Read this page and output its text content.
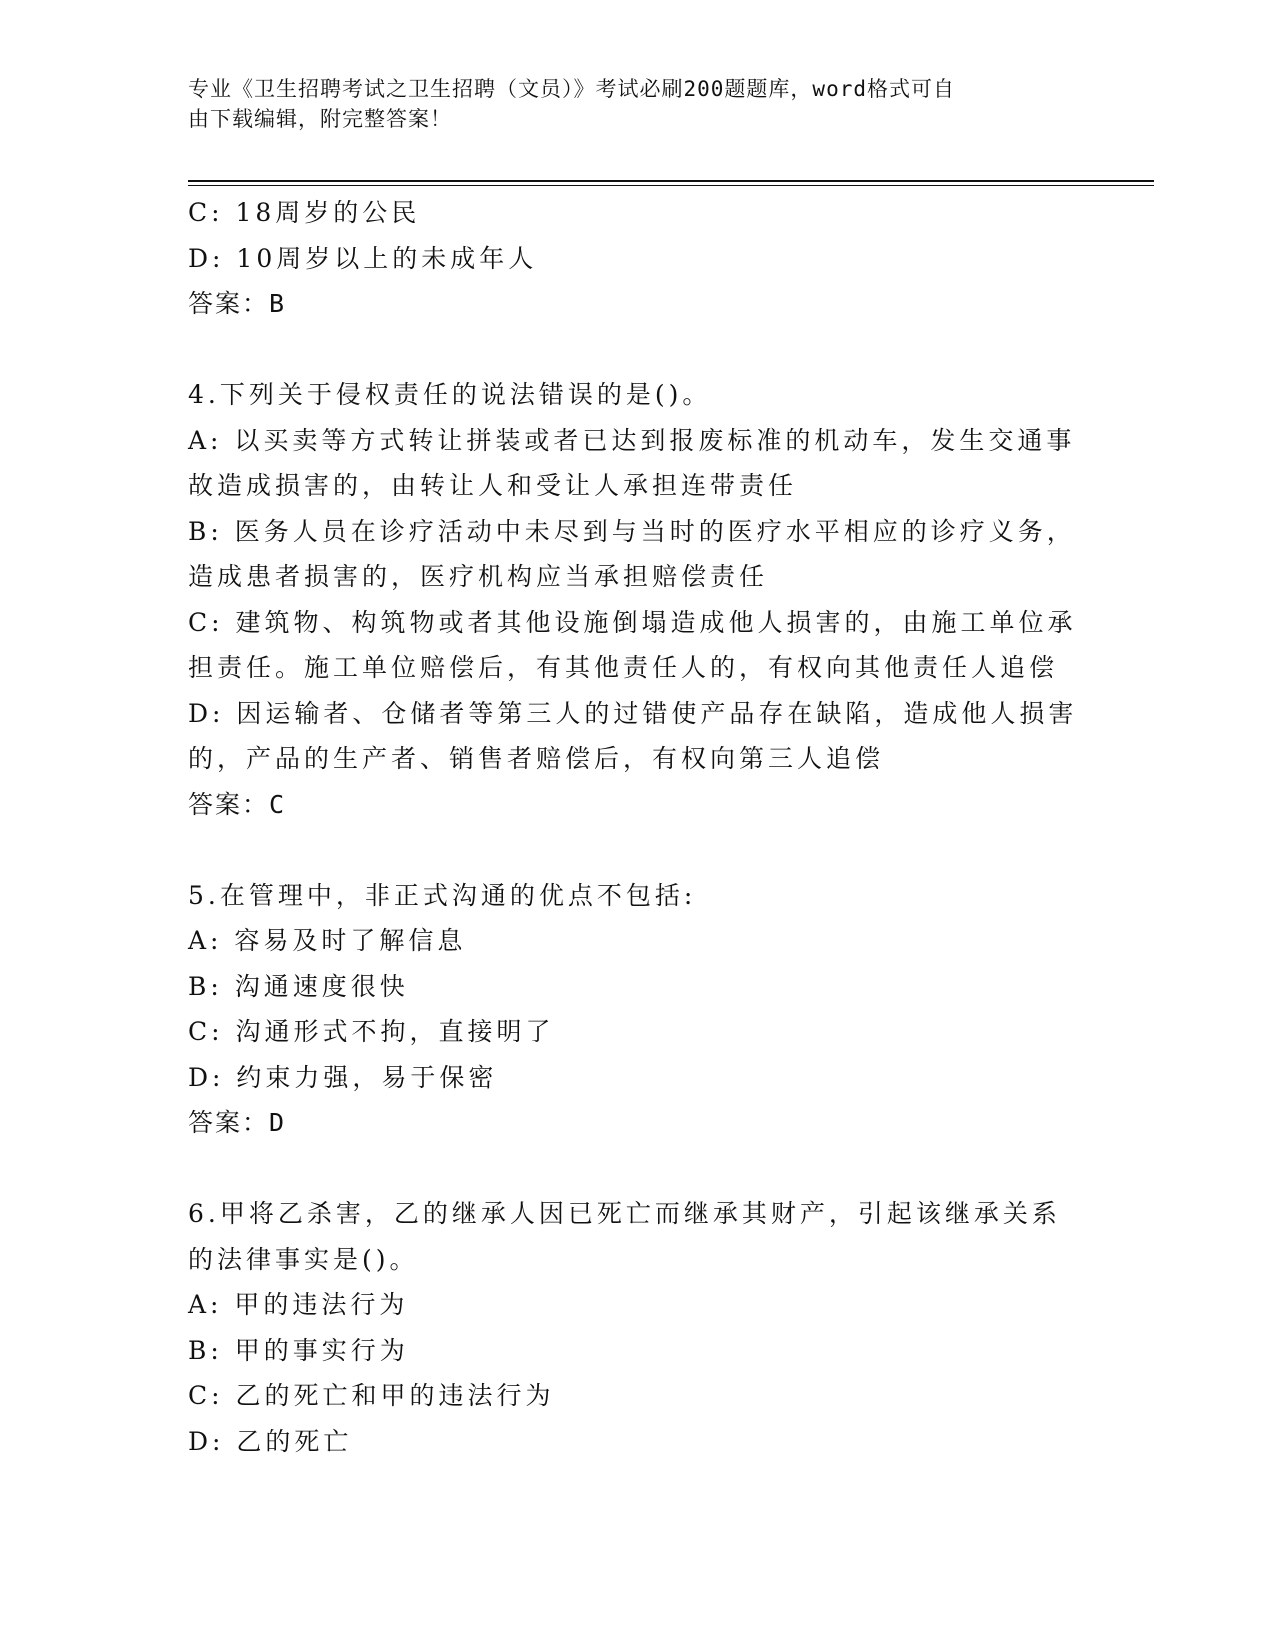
专业《卫生招聘考试之卫生招聘（文员）》考试必刷200题题库，word格式可自
由下载编辑，附完整答案！
C: 18周岁的公民
D: 10周岁以上的未成年人
答案：B
4.下列关于侵权责任的说法错误的是()。
A: 以买卖等方式转让拼装或者已达到报废标准的机动车，发生交通事
故造成损害的，由转让人和受让人承担连带责任
B: 医务人员在诊疗活动中未尽到与当时的医疗水平相应的诊疗义务，
造成患者损害的，医疗机构应当承担赔偿责任
C: 建筑物、构筑物或者其他设施倒塌造成他人损害的，由施工单位承
担责任。施工单位赔偿后，有其他责任人的，有权向其他责任人追偿
D: 因运输者、仓储者等第三人的过错使产品存在缺陷，造成他人损害
的，产品的生产者、销售者赔偿后，有权向第三人追偿
答案：C
5.在管理中，非正式沟通的优点不包括:
A: 容易及时了解信息
B: 沟通速度很快
C: 沟通形式不拘，直接明了
D: 约束力强，易于保密
答案：D
6.甲将乙杀害，乙的继承人因已死亡而继承其财产，引起该继承关系
的法律事实是()。
A: 甲的违法行为
B: 甲的事实行为
C: 乙的死亡和甲的违法行为
D: 乙的死亡
